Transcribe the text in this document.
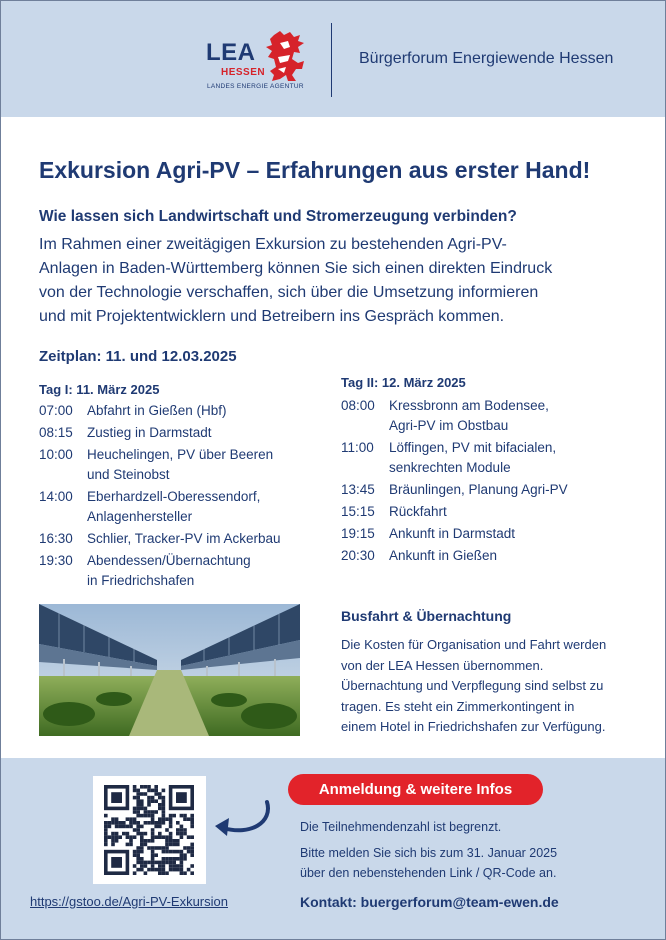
LEA
HESSEN
LANDES ENERGIE AGENTUR
Bürgerforum Energiewende Hessen
Exkursion Agri-PV – Erfahrungen aus erster Hand!
Wie lassen sich Landwirtschaft und Stromerzeugung verbinden?
Im Rahmen einer zweitägigen Exkursion zu bestehenden Agri-PV-
Anlagen in Baden-Württemberg können Sie sich einen direkten Eindruck
von der Technologie verschaffen, sich über die Umsetzung informieren
und mit Projektentwicklern und Betreibern ins Gespräch kommen.
Zeitplan: 11. und 12.03.2025
Tag I: 11. März 2025
07:00 Abfahrt in Gießen (Hbf)
08:15 Zustieg in Darmstadt
10:00 Heuchelingen, PV über Beeren
und Steinobst
14:00 Eberhardzell-Oberessendorf,
Anlagenhersteller
16:30 Schlier, Tracker-PV im Ackerbau
19:30 Abendessen/Übernachtung
in Friedrichshafen
Tag II: 12. März 2025
08:00 Kressbronn am Bodensee,
Agri-PV im Obstbau
11:00 Löffingen, PV mit bifacialen,
senkrechten Module
13:45 Bräunlingen, Planung Agri-PV
15:15 Rückfahrt
19:15 Ankunft in Darmstadt
20:30 Ankunft in Gießen
Busfahrt & Übernachtung
Die Kosten für Organisation und Fahrt werden
von der LEA Hessen übernommen.
Übernachtung und Verpflegung sind selbst zu
tragen. Es steht ein Zimmerkontingent in
einem Hotel in Friedrichshafen zur Verfügung.
https://gstoo.de/Agri-PV-Exkursion
Anmeldung & weitere Infos
Die Teilnehmendenzahl ist begrenzt.
Bitte melden Sie sich bis zum 31. Januar 2025
über den nebenstehenden Link / QR-Code an.
Kontakt: buergerforum@team-ewen.de
